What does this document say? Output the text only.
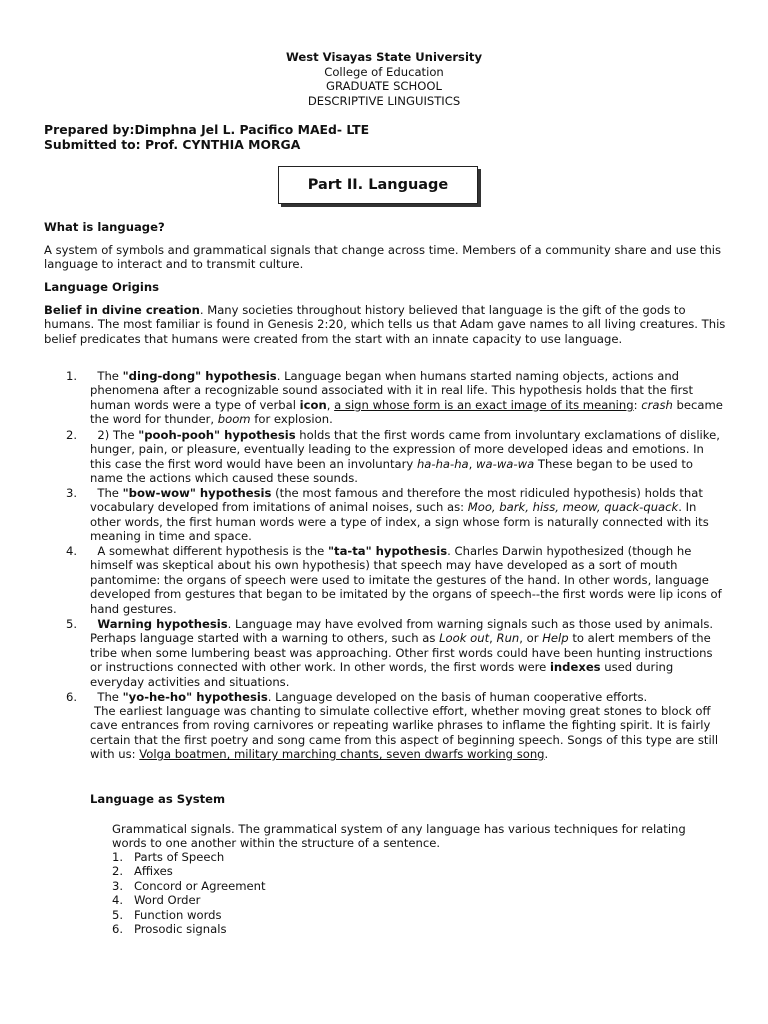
West Visayas State University
College of Education
GRADUATE SCHOOL
DESCRIPTIVE LINGUISTICS
Prepared by:Dimphna Jel L. Pacifico MAEd- LTE
Submitted to: Prof. CYNTHIA MORGA
Part II. Language
What is language?
A system of symbols and grammatical signals that change across time. Members of a community share and use this language to interact and to transmit culture.
Language Origins
Belief in divine creation. Many societies throughout history believed that language is the gift of the gods to humans. The most familiar is found in Genesis 2:20, which tells us that Adam gave names to all living creatures. This belief predicates that humans were created from the start with an innate capacity to use language.
1.	The "ding-dong" hypothesis. Language began when humans started naming objects, actions and phenomena after a recognizable sound associated with it in real life. This hypothesis holds that the first human words were a type of verbal icon, a sign whose form is an exact image of its meaning: crash became the word for thunder, boom for explosion.
2.	2) The "pooh-pooh" hypothesis holds that the first words came from involuntary exclamations of dislike, hunger, pain, or pleasure, eventually leading to the expression of more developed ideas and emotions. In this case the first word would have been an involuntary ha-ha-ha, wa-wa-wa These began to be used to name the actions which caused these sounds.
3.	The "bow-wow" hypothesis (the most famous and therefore the most ridiculed hypothesis) holds that vocabulary developed from imitations of animal noises, such as: Moo, bark, hiss, meow, quack-quack. In other words, the first human words were a type of index, a sign whose form is naturally connected with its meaning in time and space.
4.	A somewhat different hypothesis is the "ta-ta" hypothesis. Charles Darwin hypothesized (though he himself was skeptical about his own hypothesis) that speech may have developed as a sort of mouth pantomime: the organs of speech were used to imitate the gestures of the hand. In other words, language developed from gestures that began to be imitated by the organs of speech--the first words were lip icons of hand gestures.
5.	Warning hypothesis. Language may have evolved from warning signals such as those used by animals. Perhaps language started with a warning to others, such as Look out, Run, or Help to alert members of the tribe when some lumbering beast was approaching. Other first words could have been hunting instructions or instructions connected with other work. In other words, the first words were indexes used during everyday activities and situations.
6.	The "yo-he-ho" hypothesis. Language developed on the basis of human cooperative efforts.
The earliest language was chanting to simulate collective effort, whether moving great stones to block off cave entrances from roving carnivores or repeating warlike phrases to inflame the fighting spirit. It is fairly certain that the first poetry and song came from this aspect of beginning speech. Songs of this type are still with us: Volga boatmen, military marching chants, seven dwarfs working song.
Language as System
Grammatical signals. The grammatical system of any language has various techniques for relating words to one another within the structure of a sentence.
1. Parts of Speech
2. Affixes
3. Concord or Agreement
4. Word Order
5. Function words
6. Prosodic signals
